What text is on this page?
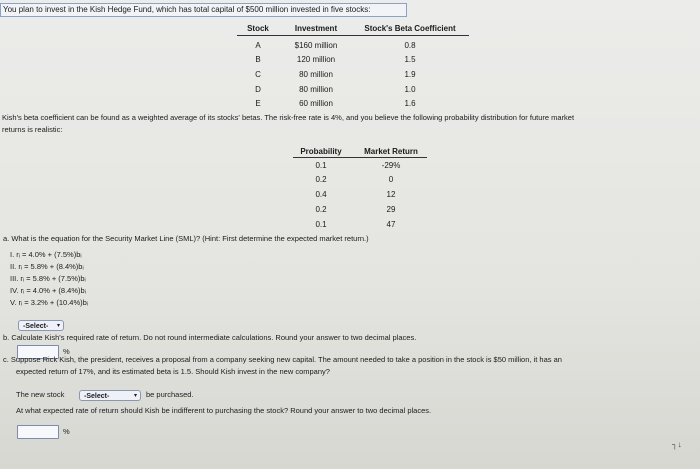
You plan to invest in the Kish Hedge Fund, which has total capital of $500 million invested in five stocks:
Stock	Investment	Stock's Beta Coefficient
A	$160 million	0.8
B	120 million	1.5
C	80 million	1.9
D	80 million	1.0
E	60 million	1.6
Kish's beta coefficient can be found as a weighted average of its stocks' betas. The risk-free rate is 4%, and you believe the following probability distribution for future market
returns is realistic:
Probability	Market Return
0.1	-29%
0.2	0
0.4	12
0.2	29
0.1	47
a. What is the equation for the Security Market Line (SML)? (Hint: First determine the expected market return.)
I. rᵢ = 4.0% + (7.5%)bᵢ
II. rᵢ = 5.8% + (8.4%)bᵢ
III. rᵢ = 5.8% + (7.5%)bᵢ
IV. rᵢ = 4.0% + (8.4%)bᵢ
V. rᵢ = 3.2% + (10.4%)bᵢ
-Select- ▾
b. Calculate Kish's required rate of return. Do not round intermediate calculations. Round your answer to two decimal places.
%
c. Suppose Rick Kish, the president, receives a proposal from a company seeking new capital. The amount needed to take a position in the stock is $50 million, it has an
expected return of 17%, and its estimated beta is 1.5. Should Kish invest in the new company?
The new stock	-Select-	▾ be purchased.
At what expected rate of return should Kish be indifferent to purchasing the stock? Round your answer to two decimal places.
%
┐↓
